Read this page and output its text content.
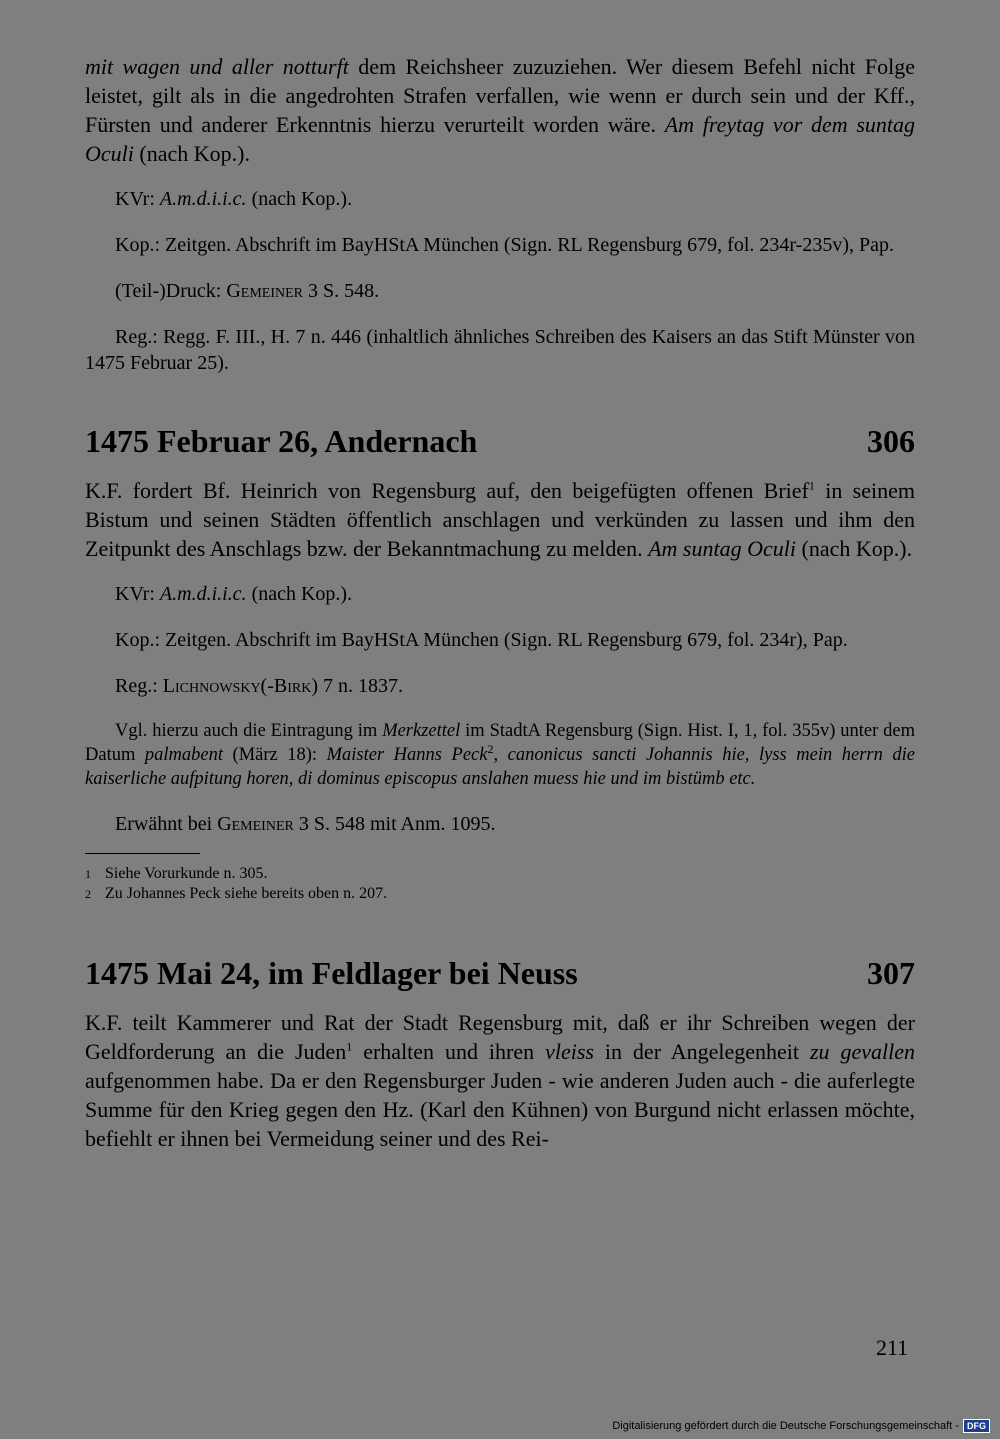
mit wagen und aller notturft dem Reichsheer zuzuziehen. Wer diesem Befehl nicht Folge leistet, gilt als in die angedrohten Strafen verfallen, wie wenn er durch sein und der Kff., Fürsten und anderer Erkenntnis hierzu verurteilt worden wäre. Am freytag vor dem suntag Oculi (nach Kop.).

KVr: A.m.d.i.i.c. (nach Kop.).

Kop.: Zeitgen. Abschrift im BayHStA München (Sign. RL Regensburg 679, fol. 234r-235v), Pap.

(Teil-)Druck: Gemeiner 3 S. 548.

Reg.: Regg. F. III., H. 7 n. 446 (inhaltlich ähnliches Schreiben des Kaisers an das Stift Münster von 1475 Februar 25).

1475 Februar 26, Andernach	306

K.F. fordert Bf. Heinrich von Regensburg auf, den beigefügten offenen Brief$^1$ in seinem Bistum und seinen Städten öffentlich anschlagen und verkünden zu lassen und ihm den Zeitpunkt des Anschlags bzw. der Bekanntmachung zu melden. Am suntag Oculi (nach Kop.).

KVr: A.m.d.i.i.c. (nach Kop.).

Kop.: Zeitgen. Abschrift im BayHStA München (Sign. RL Regensburg 679, fol. 234r), Pap.

Reg.: Lichnowsky(-Birk) 7 n. 1837.

Vgl. hierzu auch die Eintragung im Merkzettel im StadtA Regensburg (Sign. Hist. I, 1, fol. 355v) unter dem Datum palmabent (März 18): Maister Hanns Peck$^2$, canonicus sancti Johannis hie, lyss mein herrn die kaiserliche aufpitung horen, di dominus episcopus anslahen muess hie und im bistümb etc.

Erwähnt bei Gemeiner 3 S. 548 mit Anm. 1095.

1 Siehe Vorurkunde n. 305.

2 Zu Johannes Peck siehe bereits oben n. 207.

1475 Mai 24, im Feldlager bei Neuss	307

K.F. teilt Kammerer und Rat der Stadt Regensburg mit, daß er ihr Schreiben wegen der Geldforderung an die Juden$^1$ erhalten und ihren vleiss in der Angelegenheit zu gevallen aufgenommen habe. Da er den Regensburger Juden - wie anderen Juden auch - die auferlegte Summe für den Krieg gegen den Hz. (Karl den Kühnen) von Burgund nicht erlassen möchte, befiehlt er ihnen bei Vermeidung seiner und des Rei-

211
Digitalisierung gefördert durch die Deutsche Forschungsgemeinschaft - DFG
